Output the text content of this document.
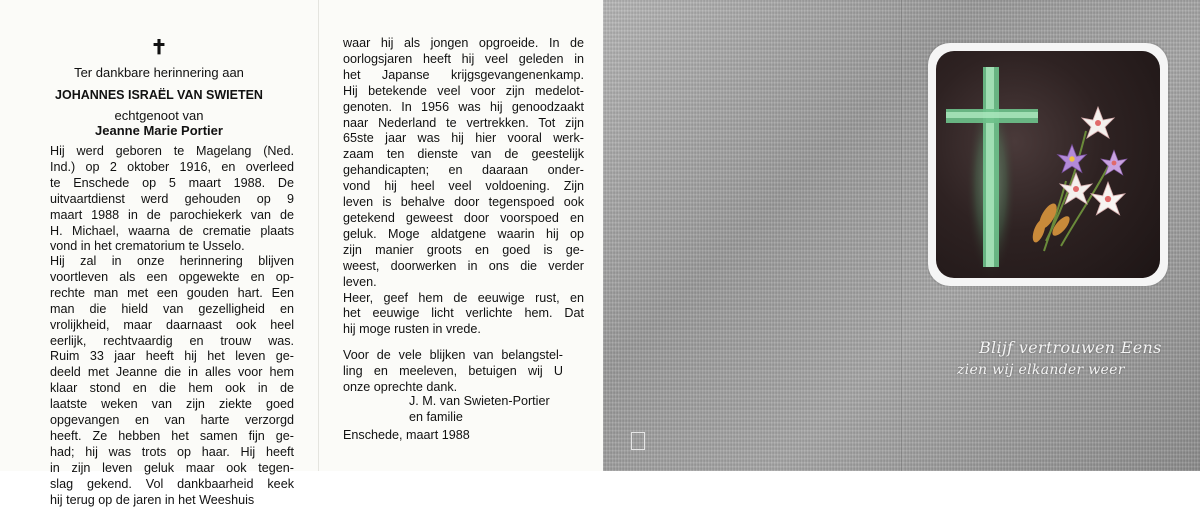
✝
Ter dankbare herinnering aan
JOHANNES ISRAËL VAN SWIETEN
echtgenoot van
Jeanne Marie Portier
Hij werd geboren te Magelang (Ned.
Ind.) op 2 oktober 1916, en overleed
te Enschede op 5 maart 1988. De
uitvaartdienst werd gehouden op 9
maart 1988 in de parochiekerk van de
H. Michael, waarna de crematie plaats
vond in het crematorium te Usselo.
Hij zal in onze herinnering blijven
voortleven als een opgewekte en op-
rechte man met een gouden hart. Een
man die hield van gezelligheid en
vrolijkheid, maar daarnaast ook heel
eerlijk, rechtvaardig en trouw was.
Ruim 33 jaar heeft hij het leven ge-
deeld met Jeanne die in alles voor hem
klaar stond en die hem ook in de
laatste weken van zijn ziekte goed
opgevangen en van harte verzorgd
heeft. Ze hebben het samen fijn ge-
had; hij was trots op haar. Hij heeft
in zijn leven geluk maar ook tegen-
slag gekend. Vol dankbaarheid keek
hij terug op de jaren in het Weeshuis
waar hij als jongen opgroeide. In de
oorlogsjaren heeft hij veel geleden in
het Japanse krijgsgevangenenkamp.
Hij betekende veel voor zijn medelot-
genoten. In 1956 was hij genoodzaakt
naar Nederland te vertrekken. Tot zijn
65ste jaar was hij hier vooral werk-
zaam ten dienste van de geestelijk
gehandicapten; en daaraan onder-
vond hij heel veel voldoening. Zijn
leven is behalve door tegenspoed ook
getekend geweest door voorspoed en
geluk. Moge aldatgene waarin hij op
zijn manier groots en goed is ge-
weest, doorwerken in ons die verder
leven.
Heer, geef hem de eeuwige rust, en
het eeuwige licht verlichte hem. Dat
hij moge rusten in vrede.
Voor de vele blijken van belangstel-
ling en meeleven, betuigen wij U
onze oprechte dank.
J. M. van Swieten-Portier
en familie
Enschede, maart 1988
Blijf vertrouwen Eens
zien wij elkander weer
